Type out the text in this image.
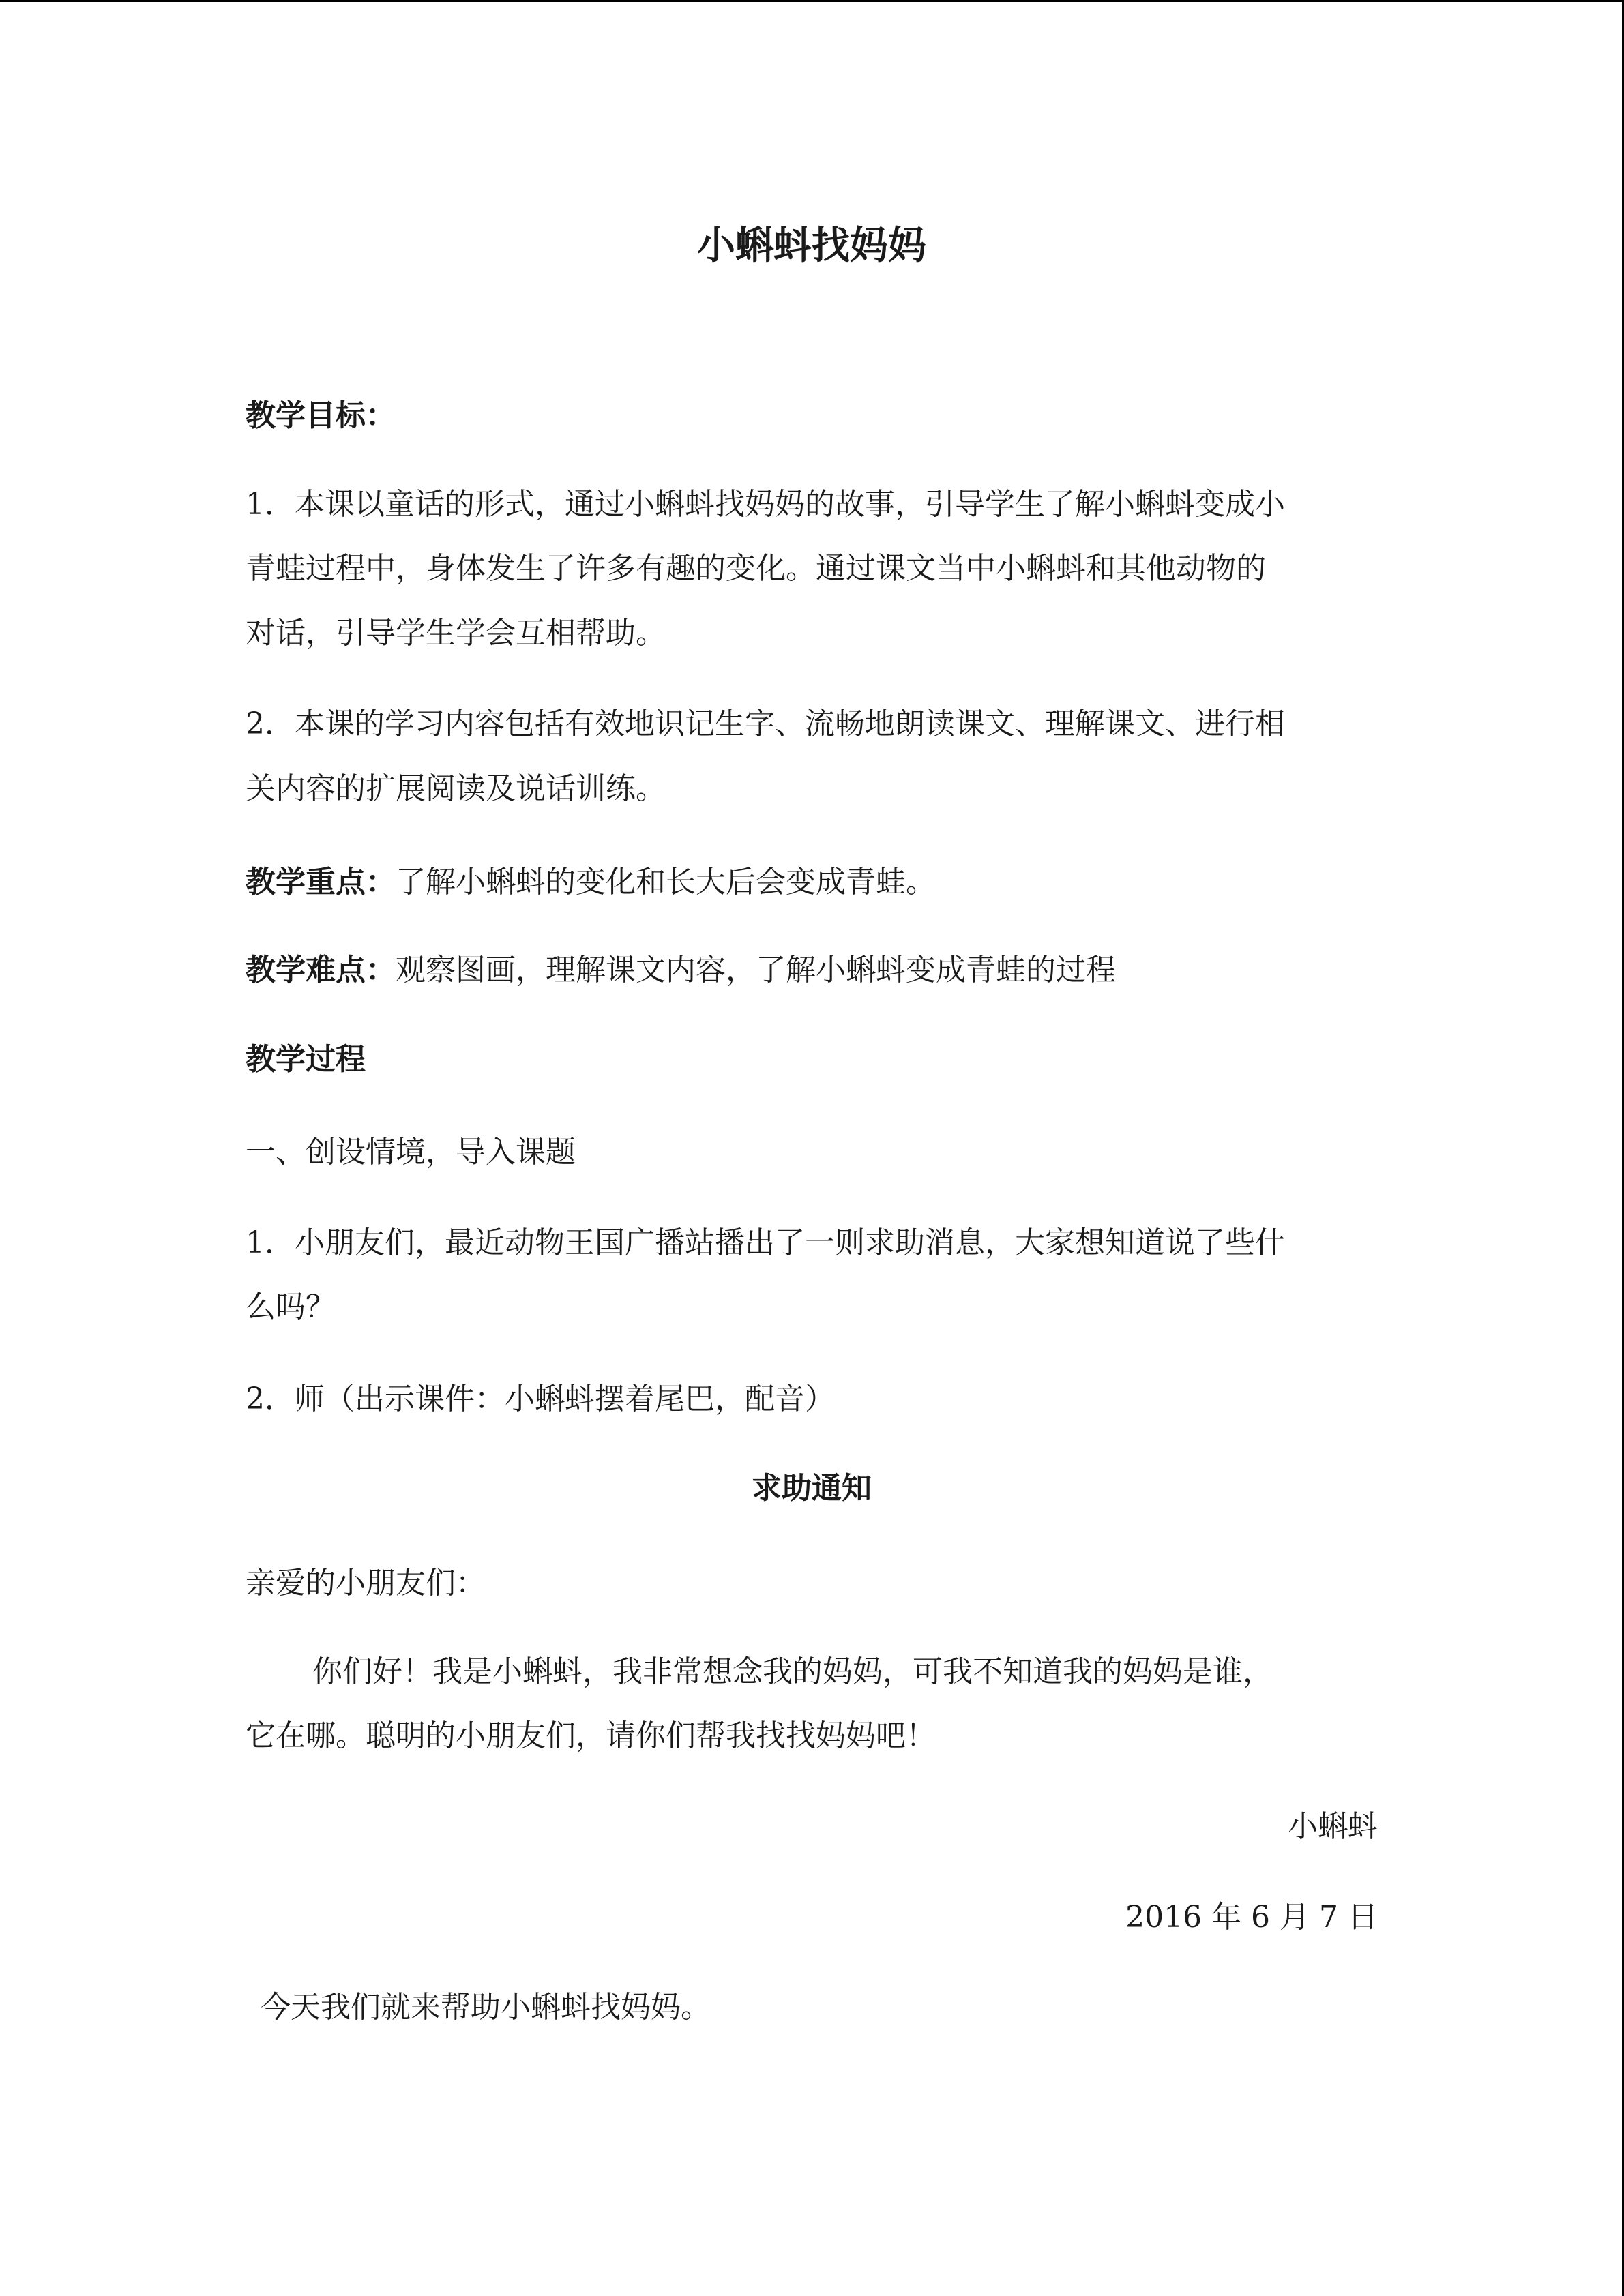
小蝌蚪找妈妈
教学目标：
1．本课以童话的形式，通过小蝌蚪找妈妈的故事，引导学生了解小蝌蚪变成小
青蛙过程中，身体发生了许多有趣的变化。通过课文当中小蝌蚪和其他动物的
对话，引导学生学会互相帮助。
2．本课的学习内容包括有效地识记生字、流畅地朗读课文、理解课文、进行相
关内容的扩展阅读及说话训练。
教学重点：了解小蝌蚪的变化和长大后会变成青蛙。
教学难点：观察图画，理解课文内容，了解小蝌蚪变成青蛙的过程
教学过程
一、创设情境，导入课题
1．小朋友们，最近动物王国广播站播出了一则求助消息，大家想知道说了些什
么吗？
2．师（出示课件：小蝌蚪摆着尾巴，配音）
求助通知
亲爱的小朋友们：
你们好！我是小蝌蚪，我非常想念我的妈妈，可我不知道我的妈妈是谁，
它在哪。聪明的小朋友们，请你们帮我找找妈妈吧！
小蝌蚪
2016 年 6 月 7 日
今天我们就来帮助小蝌蚪找妈妈。
